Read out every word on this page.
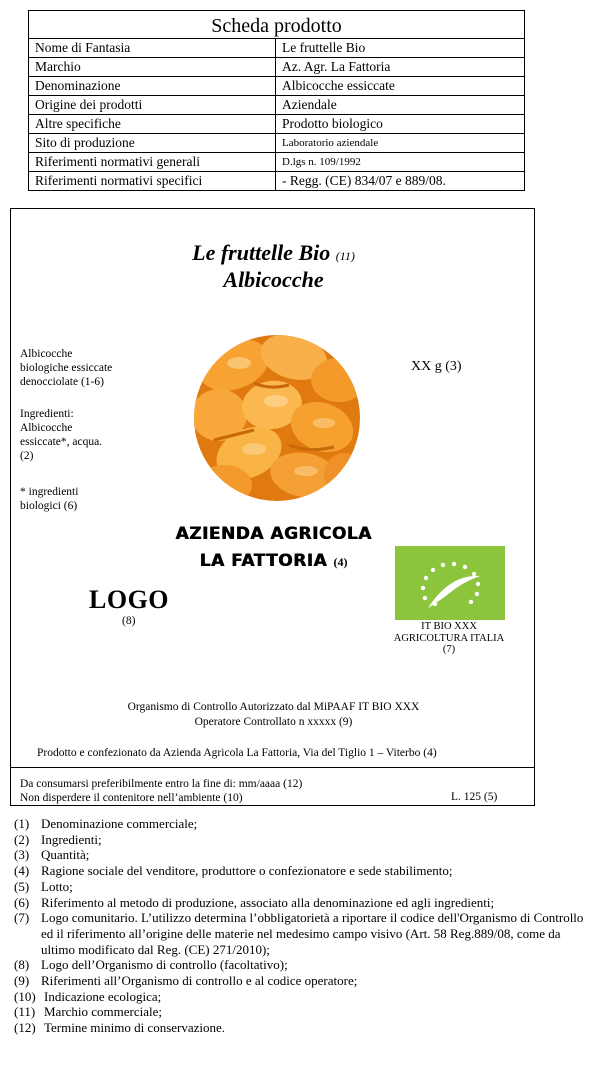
Scheda prodotto	
Nome di Fantasia	Le fruttelle Bio
Marchio	Az. Agr. La Fattoria
Denominazione	Albicocche essiccate
Origine dei prodotti	Aziendale
Altre specifiche	Prodotto biologico
Sito di produzione	Laboratorio aziendale
Riferimenti normativi generali	D.lgs n. 109/1992
Riferimenti normativi specifici	- Regg. (CE) 834/07 e 889/08.
Le fruttelle Bio (11)
Albicocche
Albicocche
biologiche essiccate
denocciolate (1-6)
Ingredienti:
Albicocche
essiccate*, acqua.
(2)
* ingredienti
biologici (6)
XX g (3)
AZIENDA AGRICOLA
LA FATTORIA (4)
LOGO
(8)	IT BIO XXX
AGRICOLTURA ITALIA
(7)
Organismo di Controllo Autorizzato dal MiPAAF IT BIO XXX
Operatore Controllato n xxxxx (9)
Prodotto e confezionato da Azienda Agricola La Fattoria, Via del Tiglio 1 – Viterbo (4)
Da consumarsi preferibilmente entro la fine di: mm/aaaa (12)
Non disperdere il contenitore nell’ambiente (10)	L. 125 (5)
(1) Denominazione commerciale;
(2) Ingredienti;
(3) Quantità;
(4) Ragione sociale del venditore, produttore o confezionatore e sede stabilimento;
(5) Lotto;
(6) Riferimento al metodo di produzione, associato alla denominazione ed agli ingredienti;
(7) Logo comunitario. L’utilizzo determina l’obbligatorietà a riportare il codice dell'Organismo di Controllo ed il riferimento all’origine delle materie nel medesimo campo visivo (Art. 58 Reg.889/08, come da ultimo modificato dal Reg. (CE) 271/2010);
(8) Logo dell’Organismo di controllo (facoltativo);
(9) Riferimenti all’Organismo di controllo e al codice operatore;
(10) Indicazione ecologica;
(11) Marchio commerciale;
(12) Termine minimo di conservazione.
